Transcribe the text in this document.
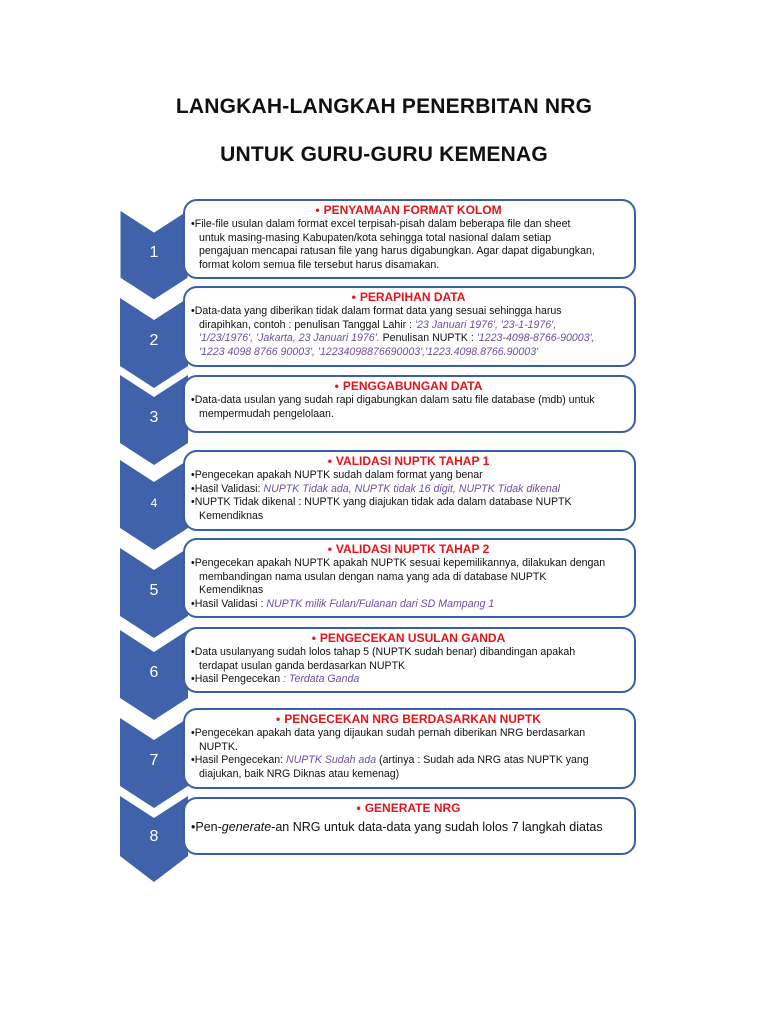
LANGKAH-LANGKAH PENERBITAN NRG
UNTUK GURU-GURU KEMENAG
1
2
3
4
5
6
7
8
• PENYAMAAN FORMAT KOLOM
•File-file usulan dalam format excel terpisah-pisah dalam beberapa file dan sheet
untuk masing-masing Kabupaten/kota sehingga total nasional dalam setiap
pengajuan mencapai ratusan file yang harus digabungkan. Agar dapat digabungkan,
format kolom semua file tersebut harus disamakan.
• PERAPIHAN DATA
•Data-data yang diberikan tidak dalam format data yang sesuai sehingga harus
dirapihkan, contoh : penulisan Tanggal Lahir : '23 Januari 1976', '23-1-1976',
'1/23/1976', 'Jakarta, 23 Januari 1976'. Penulisan NUPTK : '1223-4098-8766-90003',
'1223 4098 8766 90003', '12234098876690003','1223.4098.8766.90003'
• PENGGABUNGAN DATA
•Data-data usulan yang sudah rapi digabungkan dalam satu file database (mdb) untuk
mempermudah pengelolaan.
• VALIDASI NUPTK TAHAP 1
•Pengecekan apakah NUPTK sudah dalam format yang benar
•Hasil Validasi: NUPTK Tidak ada, NUPTK tidak 16 digit, NUPTK Tidak dikenal
•NUPTK Tidak dikenal : NUPTK yang diajukan tidak ada dalam database NUPTK
Kemendiknas
• VALIDASI NUPTK TAHAP 2
•Pengecekan apakah NUPTK apakah NUPTK sesuai kepemilikannya, dilakukan dengan
membandingan nama usulan dengan nama yang ada di database NUPTK
Kemendiknas
•Hasil Validasi : NUPTK milik Fulan/Fulanan dari SD Mampang 1
• PENGECEKAN USULAN GANDA
•Data usulanyang sudah lolos tahap 5 (NUPTK sudah benar) dibandingan apakah
terdapat usulan ganda berdasarkan NUPTK
•Hasil Pengecekan : Terdata Ganda
• PENGECEKAN NRG BERDASARKAN NUPTK
•Pengecekan apakah data yang dijaukan sudah pernah diberikan NRG berdasarkan
NUPTK.
•Hasil Pengecekan: NUPTK Sudah ada (artinya : Sudah ada NRG atas NUPTK yang
diajukan, baik NRG Diknas atau kemenag)
• GENERATE NRG
•Pen-generate-an NRG untuk data-data yang sudah lolos 7 langkah diatas
